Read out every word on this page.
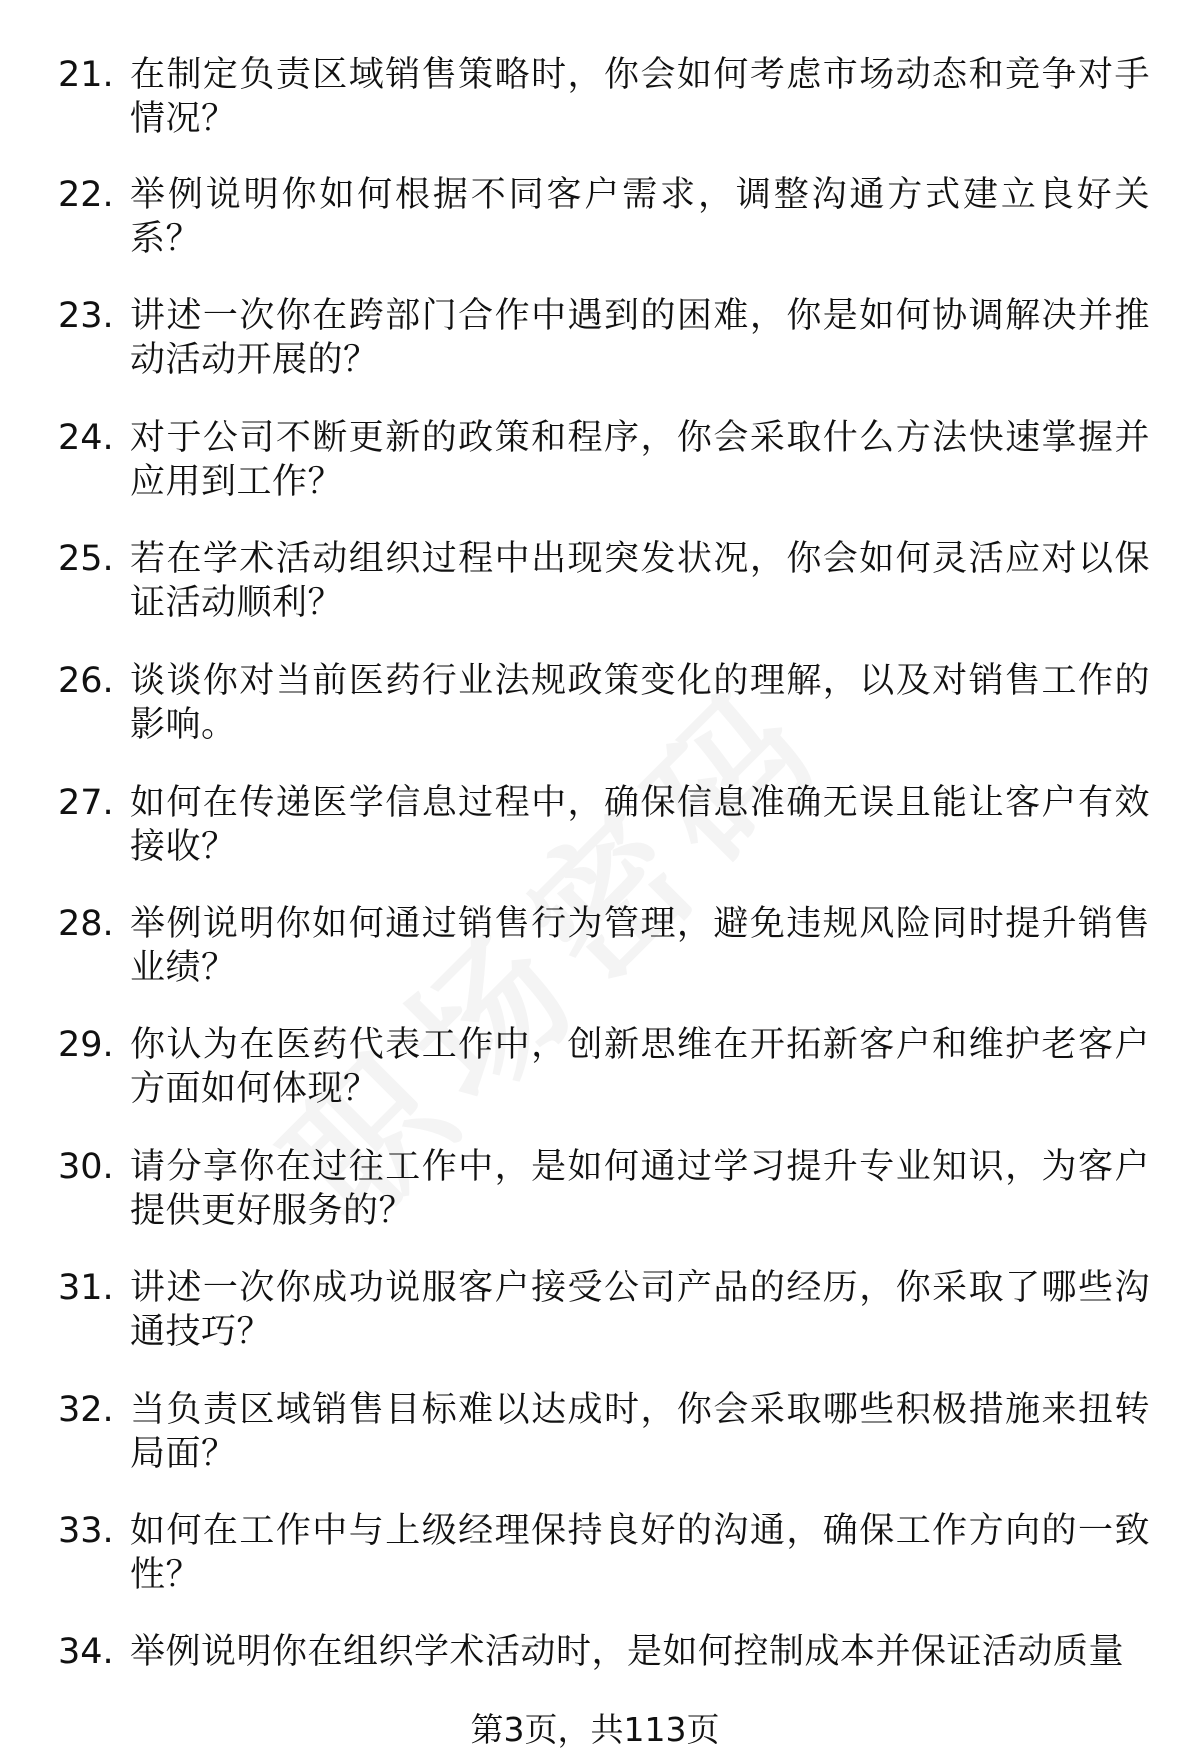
21. 在制定负责区域销售策略时，你会如何考虑市场动态和竞争对手情况？
22. 举例说明你如何根据不同客户需求，调整沟通方式建立良好关系？
23. 讲述一次你在跨部门合作中遇到的困难，你是如何协调解决并推动活动开展的？
24. 对于公司不断更新的政策和程序，你会采取什么方法快速掌握并应用到工作？
25. 若在学术活动组织过程中出现突发状况，你会如何灵活应对以保证活动顺利？
26. 谈谈你对当前医药行业法规政策变化的理解，以及对销售工作的影响。
27. 如何在传递医学信息过程中，确保信息准确无误且能让客户有效接收？
28. 举例说明你如何通过销售行为管理，避免违规风险同时提升销售业绩？
29. 你认为在医药代表工作中，创新思维在开拓新客户和维护老客户方面如何体现？
30. 请分享你在过往工作中，是如何通过学习提升专业知识，为客户提供更好服务的？
31. 讲述一次你成功说服客户接受公司产品的经历，你采取了哪些沟通技巧？
32. 当负责区域销售目标难以达成时，你会采取哪些积极措施来扭转局面？
33. 如何在工作中与上级经理保持良好的沟通，确保工作方向的一致性？
34. 举例说明你在组织学术活动时，是如何控制成本并保证活动质量
第3页，共113页
